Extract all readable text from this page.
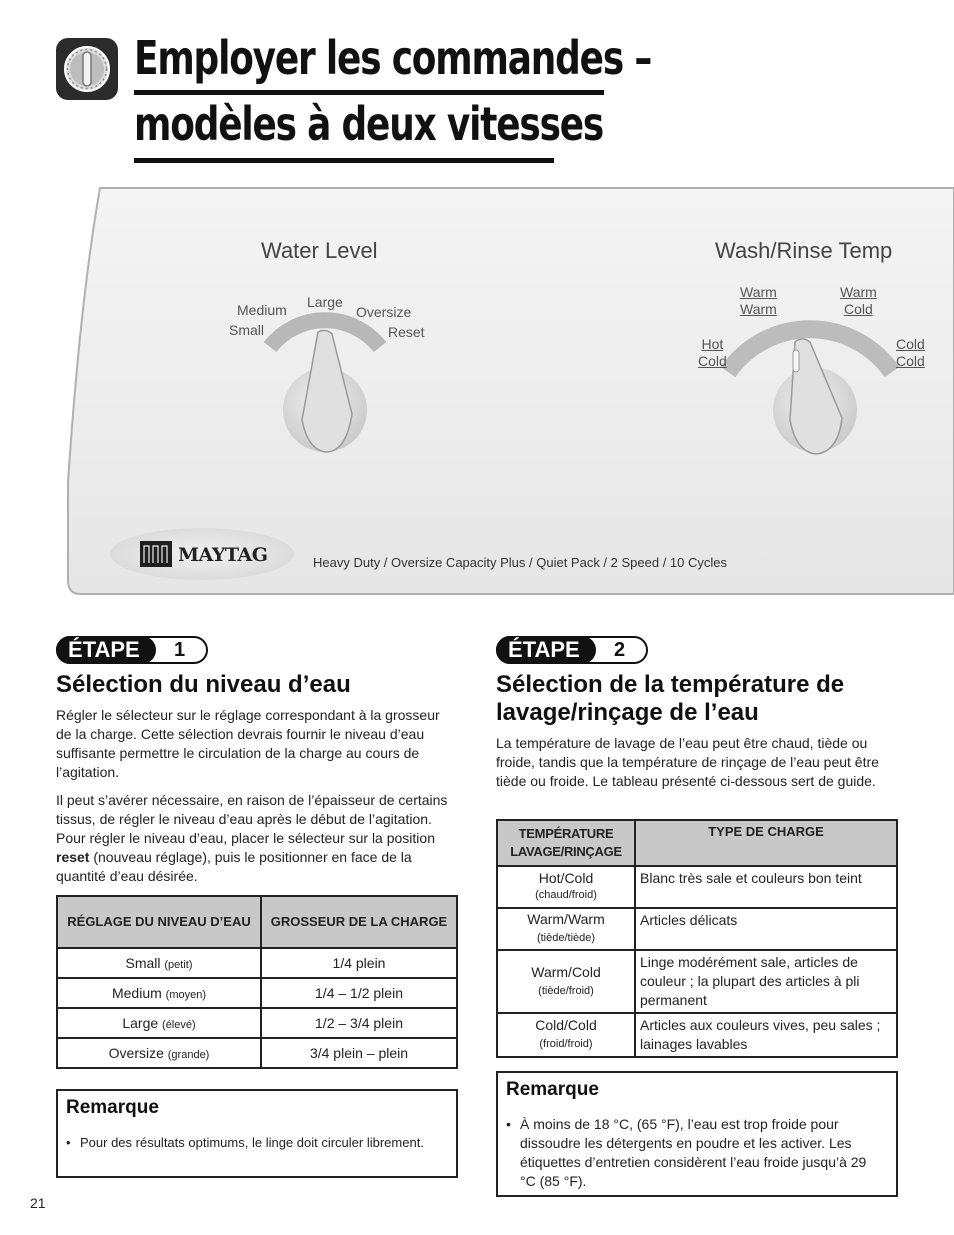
Employer les commandes –
modèles à deux vitesses
Water Level
Small
Medium Large
Oversize
Reset
Wash/Rinse Temp
Hot
Cold
Warm
Warm
Warm
Cold
Cold
Cold
MAYTAG	Heavy Duty / Oversize Capacity Plus / Quiet Pack / 2 Speed / 10 Cycles
ÉTAPE	1
Sélection du niveau d’eau

Régler le sélecteur sur le réglage correspondant à la grosseur de la charge. Cette sélection devrais fournir le niveau d’eau suffisante permettre le circulation de la charge au cours de l’agitation.

Il peut s’avérer nécessaire, en raison de l’épaisseur de certains tissus, de régler le niveau d’eau après le début de l’agitation. Pour régler le niveau d’eau, placer le sélecteur sur la position reset (nouveau réglage), puis le positionner en face de la quantité d’eau désirée.

RÉGLAGE DU NIVEAU D’EAU	GROSSEUR DE LA CHARGE
Small (petit)	1/4 plein
Medium (moyen)	1/4 – 1/2 plein
Large (élevé)	1/2 – 3/4 plein
Oversize (grande)	3/4 plein – plein
Remarque
• Pour des résultats optimums, le linge doit circuler librement.
ÉTAPE	2
Sélection de la température de
lavage/rinçage de l’eau

La température de lavage de l’eau peut être chaud, tiède ou froide, tandis que la température de rinçage de l’eau peut être tiède ou froide. Le tableau présenté ci-dessous sert de guide.

TEMPÉRATURE
LAVAGE/RINÇAGE	TYPE DE CHARGE
Hot/Cold
(chaud/froid)	Blanc très sale et couleurs bon teint
Warm/Warm
(tiède/tiède)	Articles délicats
Warm/Cold
(tiède/froid)	Linge modérément sale, articles de couleur ; la plupart des articles à pli permanent
Cold/Cold
(froid/froid)	Articles aux couleurs vives, peu sales ; lainages lavables
Remarque
• À moins de 18 °C, (65 °F), l’eau est trop froide pour dissoudre les détergents en poudre et les activer. Les étiquettes d’entretien considèrent l’eau froide jusqu’à 29 °C (85 °F).
21
